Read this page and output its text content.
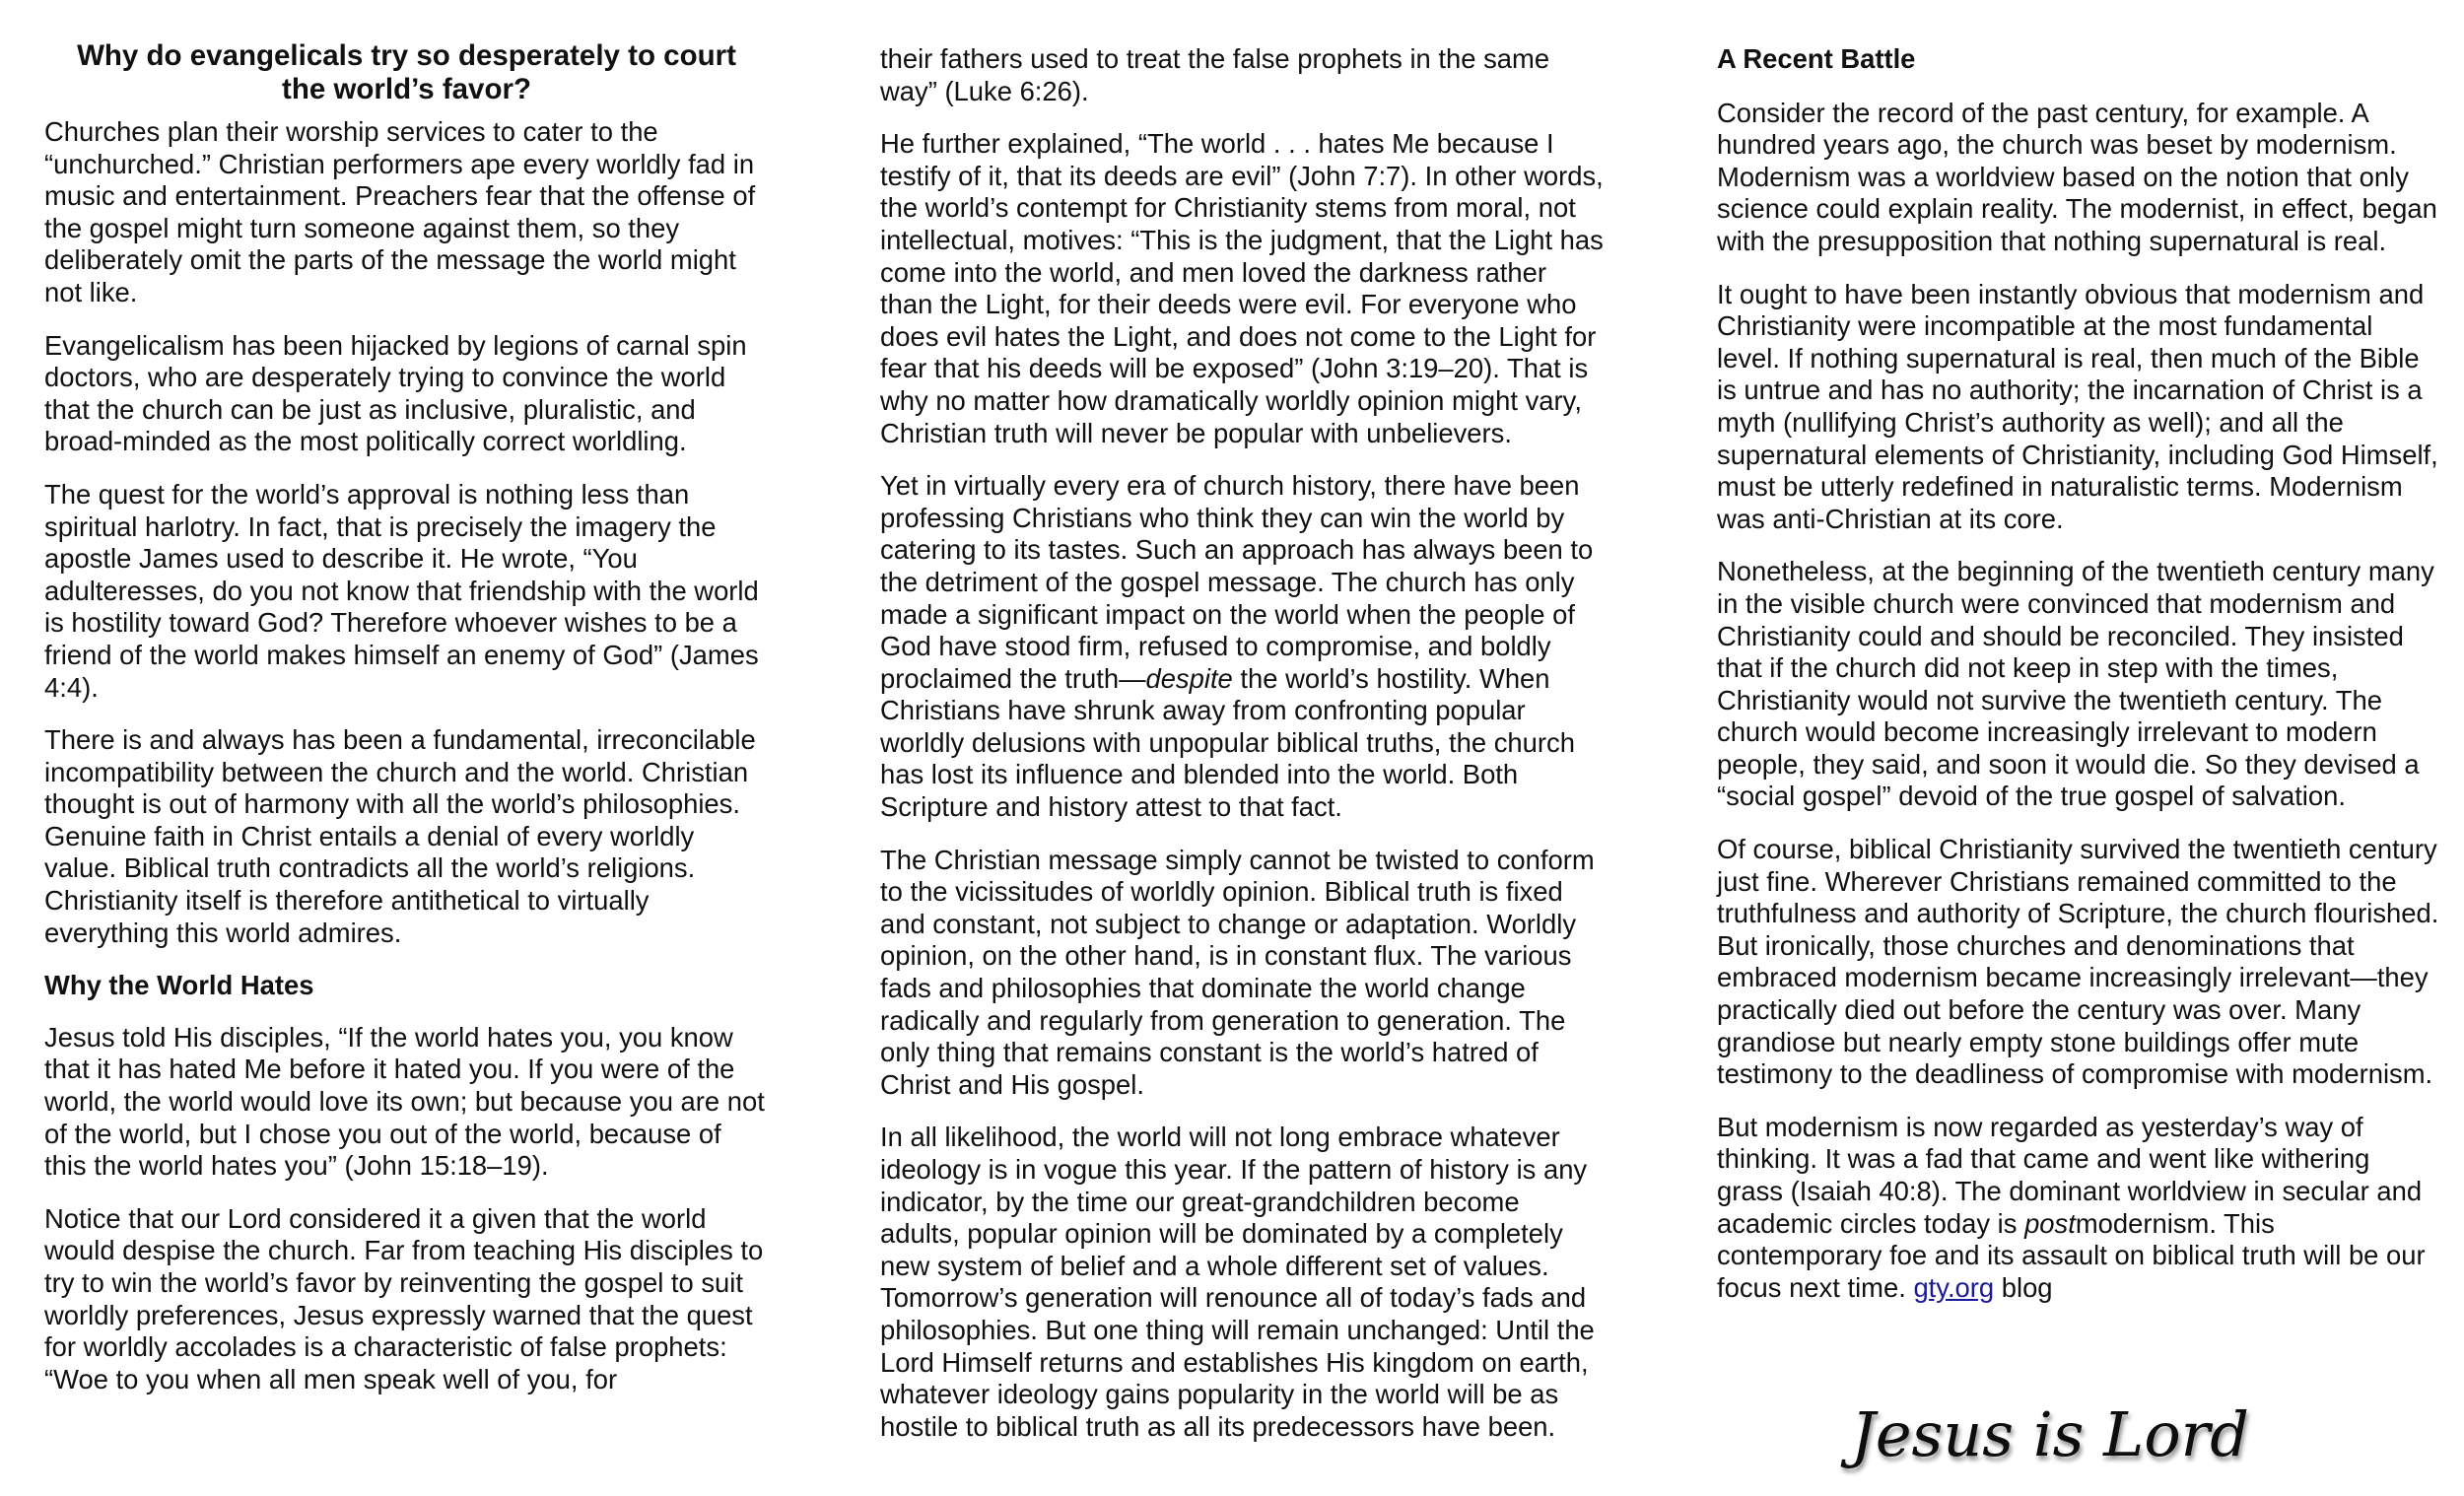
Why do evangelicals try so desperately to court the world’s favor?

Churches plan their worship services to cater to the “unchurched.” Christian performers ape every worldly fad in music and entertainment. Preachers fear that the offense of the gospel might turn someone against them, so they deliberately omit the parts of the message the world might not like.

Evangelicalism has been hijacked by legions of carnal spin doctors, who are desperately trying to convince the world that the church can be just as inclusive, pluralistic, and broad-minded as the most politically correct worldling.

The quest for the world’s approval is nothing less than spiritual harlotry. In fact, that is precisely the imagery the apostle James used to describe it. He wrote, “You adulteresses, do you not know that friendship with the world is hostility toward God? Therefore whoever wishes to be a friend of the world makes himself an enemy of God” (James 4:4).

There is and always has been a fundamental, irreconcilable incompatibility between the church and the world. Christian thought is out of harmony with all the world’s philosophies. Genuine faith in Christ entails a denial of every worldly value. Biblical truth contradicts all the world’s religions. Christianity itself is therefore antithetical to virtually everything this world admires.

Why the World Hates

Jesus told His disciples, “If the world hates you, you know that it has hated Me before it hated you. If you were of the world, the world would love its own; but because you are not of the world, but I chose you out of the world, because of this the world hates you” (John 15:18–19).

Notice that our Lord considered it a given that the world would despise the church. Far from teaching His disciples to try to win the world’s favor by reinventing the gospel to suit worldly preferences, Jesus expressly warned that the quest for worldly accolades is a characteristic of false prophets: “Woe to you when all men speak well of you, for

their fathers used to treat the false prophets in the same way” (Luke 6:26).

He further explained, “The world . . . hates Me because I testify of it, that its deeds are evil” (John 7:7). In other words, the world’s contempt for Christianity stems from moral, not intellectual, motives: “This is the judgment, that the Light has come into the world, and men loved the darkness rather than the Light, for their deeds were evil. For everyone who does evil hates the Light, and does not come to the Light for fear that his deeds will be exposed” (John 3:19–20). That is why no matter how dramatically worldly opinion might vary, Christian truth will never be popular with unbelievers.

Yet in virtually every era of church history, there have been professing Christians who think they can win the world by catering to its tastes. Such an approach has always been to the detriment of the gospel message. The church has only made a significant impact on the world when the people of God have stood firm, refused to compromise, and boldly proclaimed the truth—despite the world’s hostility. When Christians have shrunk away from confronting popular worldly delusions with unpopular biblical truths, the church has lost its influence and blended into the world. Both Scripture and history attest to that fact.

The Christian message simply cannot be twisted to conform to the vicissitudes of worldly opinion. Biblical truth is fixed and constant, not subject to change or adaptation. Worldly opinion, on the other hand, is in constant flux. The various fads and philosophies that dominate the world change radically and regularly from generation to generation. The only thing that remains constant is the world’s hatred of Christ and His gospel.

In all likelihood, the world will not long embrace whatever ideology is in vogue this year. If the pattern of history is any indicator, by the time our great-grandchildren become adults, popular opinion will be dominated by a completely new system of belief and a whole different set of values. Tomorrow’s generation will renounce all of today’s fads and philosophies. But one thing will remain unchanged: Until the Lord Himself returns and establishes His kingdom on earth, whatever ideology gains popularity in the world will be as hostile to biblical truth as all its predecessors have been.

A Recent Battle

Consider the record of the past century, for example. A hundred years ago, the church was beset by modernism. Modernism was a worldview based on the notion that only science could explain reality. The modernist, in effect, began with the presupposition that nothing supernatural is real.

It ought to have been instantly obvious that modernism and Christianity were incompatible at the most fundamental level. If nothing supernatural is real, then much of the Bible is untrue and has no authority; the incarnation of Christ is a myth (nullifying Christ’s authority as well); and all the supernatural elements of Christianity, including God Himself, must be utterly redefined in naturalistic terms. Modernism was anti-Christian at its core.

Nonetheless, at the beginning of the twentieth century many in the visible church were convinced that modernism and Christianity could and should be reconciled. They insisted that if the church did not keep in step with the times, Christianity would not survive the twentieth century. The church would become increasingly irrelevant to modern people, they said, and soon it would die. So they devised a “social gospel” devoid of the true gospel of salvation.

Of course, biblical Christianity survived the twentieth century just fine. Wherever Christians remained committed to the truthfulness and authority of Scripture, the church flourished. But ironically, those churches and denominations that embraced modernism became increasingly irrelevant—they practically died out before the century was over. Many grandiose but nearly empty stone buildings offer mute testimony to the deadliness of compromise with modernism.

But modernism is now regarded as yesterday’s way of thinking. It was a fad that came and went like withering grass (Isaiah 40:8). The dominant worldview in secular and academic circles today is postmodernism. This contemporary foe and its assault on biblical truth will be our focus next time. gty.org blog

Jesus is Lord
